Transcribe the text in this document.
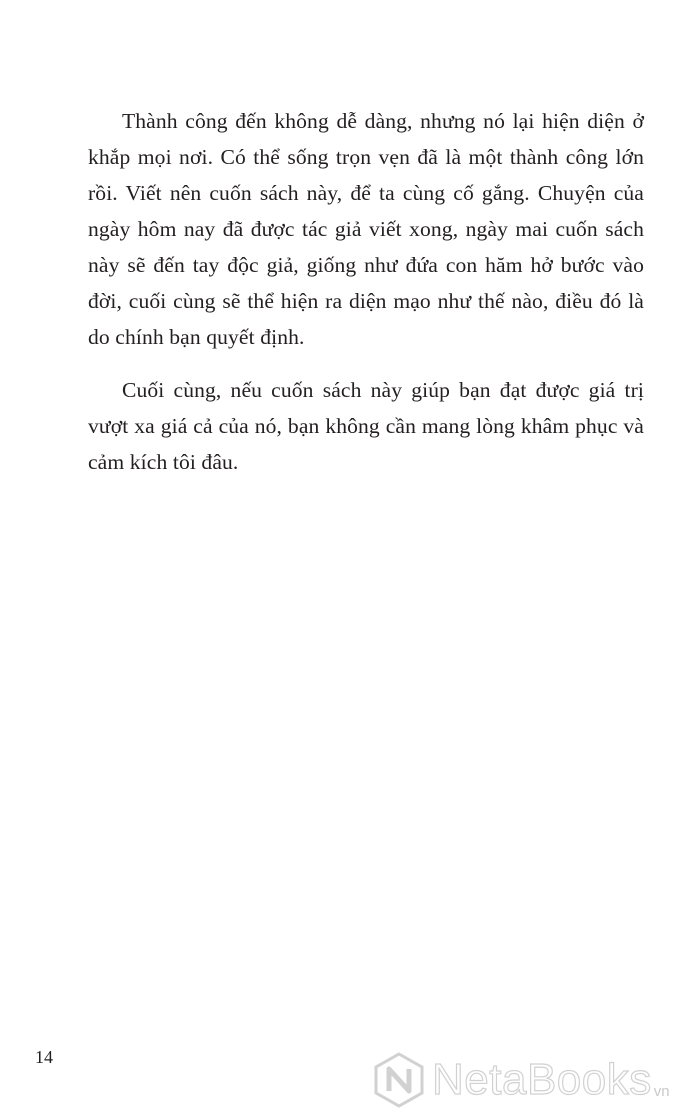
Thành công đến không dễ dàng, nhưng nó lại hiện diện ở khắp mọi nơi. Có thể sống trọn vẹn đã là một thành công lớn rồi. Viết nên cuốn sách này, để ta cùng cố gắng. Chuyện của ngày hôm nay đã được tác giả viết xong, ngày mai cuốn sách này sẽ đến tay độc giả, giống như đứa con hăm hở bước vào đời, cuối cùng sẽ thể hiện ra diện mạo như thế nào, điều đó là do chính bạn quyết định.

Cuối cùng, nếu cuốn sách này giúp bạn đạt được giá trị vượt xa giá cả của nó, bạn không cần mang lòng khâm phục và cảm kích tôi đâu.

14	NetaBooks vn
